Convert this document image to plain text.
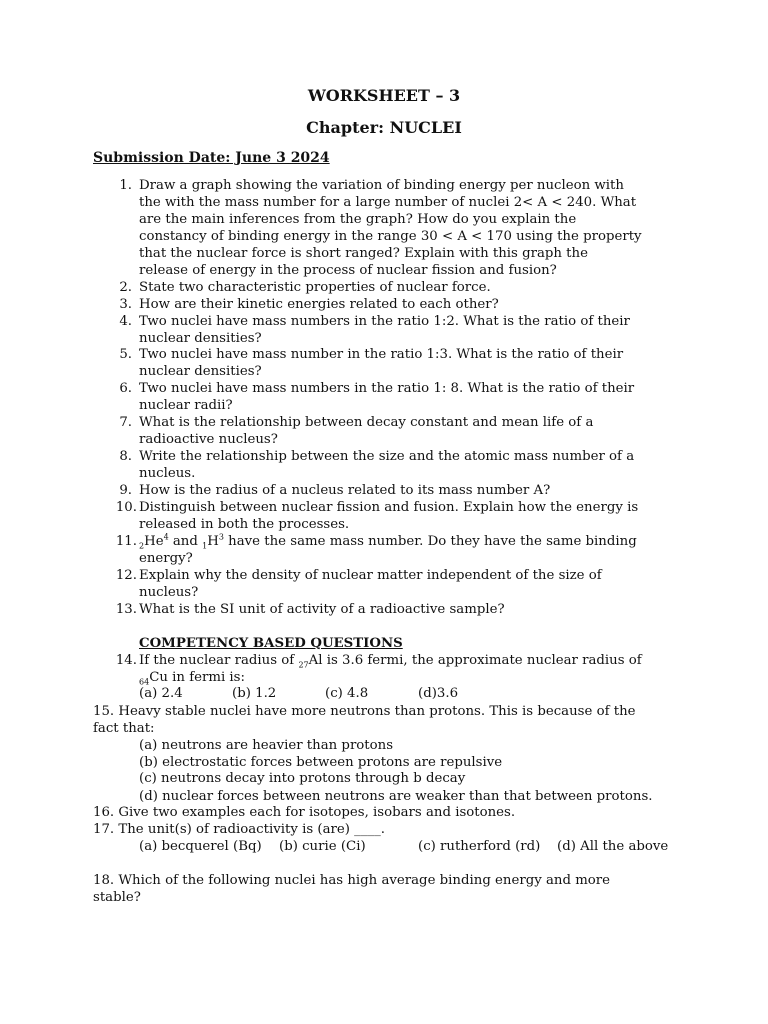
WORKSHEET – 3
Chapter: NUCLEI
Submission Date: June 3 2024
1. Draw a graph showing the variation of binding energy per nucleon with
the with the mass number for a large number of nuclei 2< A < 240. What
are the main inferences from the graph? How do you explain the
constancy of binding energy in the range 30 < A < 170 using the property
that the nuclear force is short ranged? Explain with this graph the
release of energy in the process of nuclear fission and fusion?
2. State two characteristic properties of nuclear force.
3. How are their kinetic energies related to each other?
4. Two nuclei have mass numbers in the ratio 1:2. What is the ratio of their
nuclear densities?
5. Two nuclei have mass number in the ratio 1:3. What is the ratio of their
nuclear densities?
6. Two nuclei have mass numbers in the ratio 1: 8. What is the ratio of their
nuclear radii?
7. What is the relationship between decay constant and mean life of a
radioactive nucleus?
8. Write the relationship between the size and the atomic mass number of a
nucleus.
9. How is the radius of a nucleus related to its mass number A?
10. Distinguish between nuclear fission and fusion. Explain how the energy is
released in both the processes.
11. $_2He^4$ and $_1H^3$ have the same mass number. Do they have the same binding
energy?
12. Explain why the density of nuclear matter independent of the size of
nucleus?
13. What is the SI unit of activity of a radioactive sample?
COMPETENCY BASED QUESTIONS
14. If the nuclear radius of $_{27}$Al is 3.6 fermi, the approximate nuclear radius of
$_{64}$Cu in fermi is:
(a) 2.4	(b) 1.2	(c) 4.8	(d)3.6
15. Heavy stable nuclei have more neutrons than protons. This is because of the
fact that:
(a) neutrons are heavier than protons
(b) electrostatic forces between protons are repulsive
(c) neutrons decay into protons through b decay
(d) nuclear forces between neutrons are weaker than that between protons.
16. Give two examples each for isotopes, isobars and isotones.
17. The unit(s) of radioactivity is (are) ____.
(a) becquerel (Bq) (b) curie (Ci)	(c) rutherford (rd) (d) All the above
18. Which of the following nuclei has high average binding energy and more
stable?
